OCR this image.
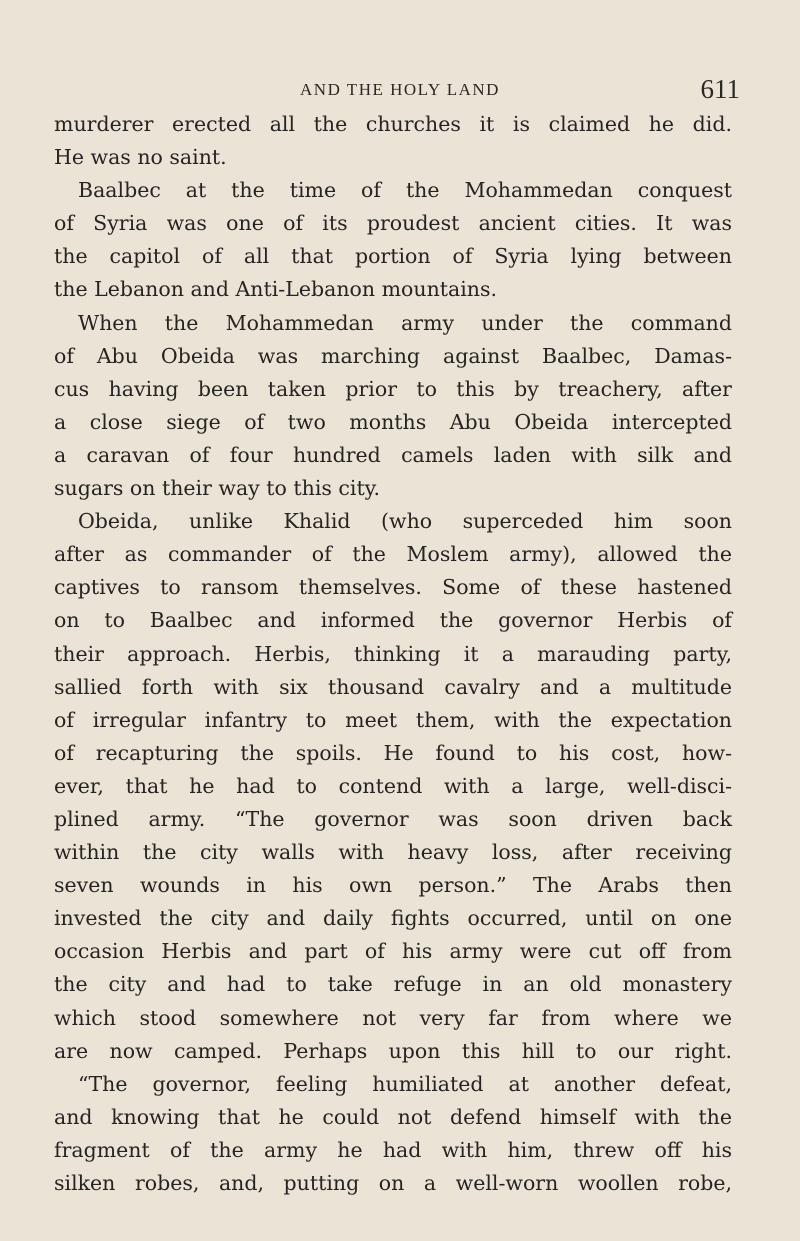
AND THE HOLY LAND	611
murderer erected all the churches it is claimed he did.
He was no saint.
Baalbec at the time of the Mohammedan conquest
of Syria was one of its proudest ancient cities. It was
the capitol of all that portion of Syria lying between
the Lebanon and Anti-Lebanon mountains.
When the Mohammedan army under the command
of Abu Obeida was marching against Baalbec, Damas-
cus having been taken prior to this by treachery, after
a close siege of two months Abu Obeida intercepted
a caravan of four hundred camels laden with silk and
sugars on their way to this city.
Obeida, unlike Khalid (who superceded him soon
after as commander of the Moslem army), allowed the
captives to ransom themselves. Some of these hastened
on to Baalbec and informed the governor Herbis of
their approach. Herbis, thinking it a marauding party,
sallied forth with six thousand cavalry and a multitude
of irregular infantry to meet them, with the expectation
of recapturing the spoils. He found to his cost, how-
ever, that he had to contend with a large, well-disci-
plined army. “The governor was soon driven back
within the city walls with heavy loss, after receiving
seven wounds in his own person.” The Arabs then
invested the city and daily fights occurred, until on one
occasion Herbis and part of his army were cut off from
the city and had to take refuge in an old monastery
which stood somewhere not very far from where we
are now camped. Perhaps upon this hill to our right.
“The governor, feeling humiliated at another defeat,
and knowing that he could not defend himself with the
fragment of the army he had with him, threw off his
silken robes, and, putting on a well-worn woollen robe,
